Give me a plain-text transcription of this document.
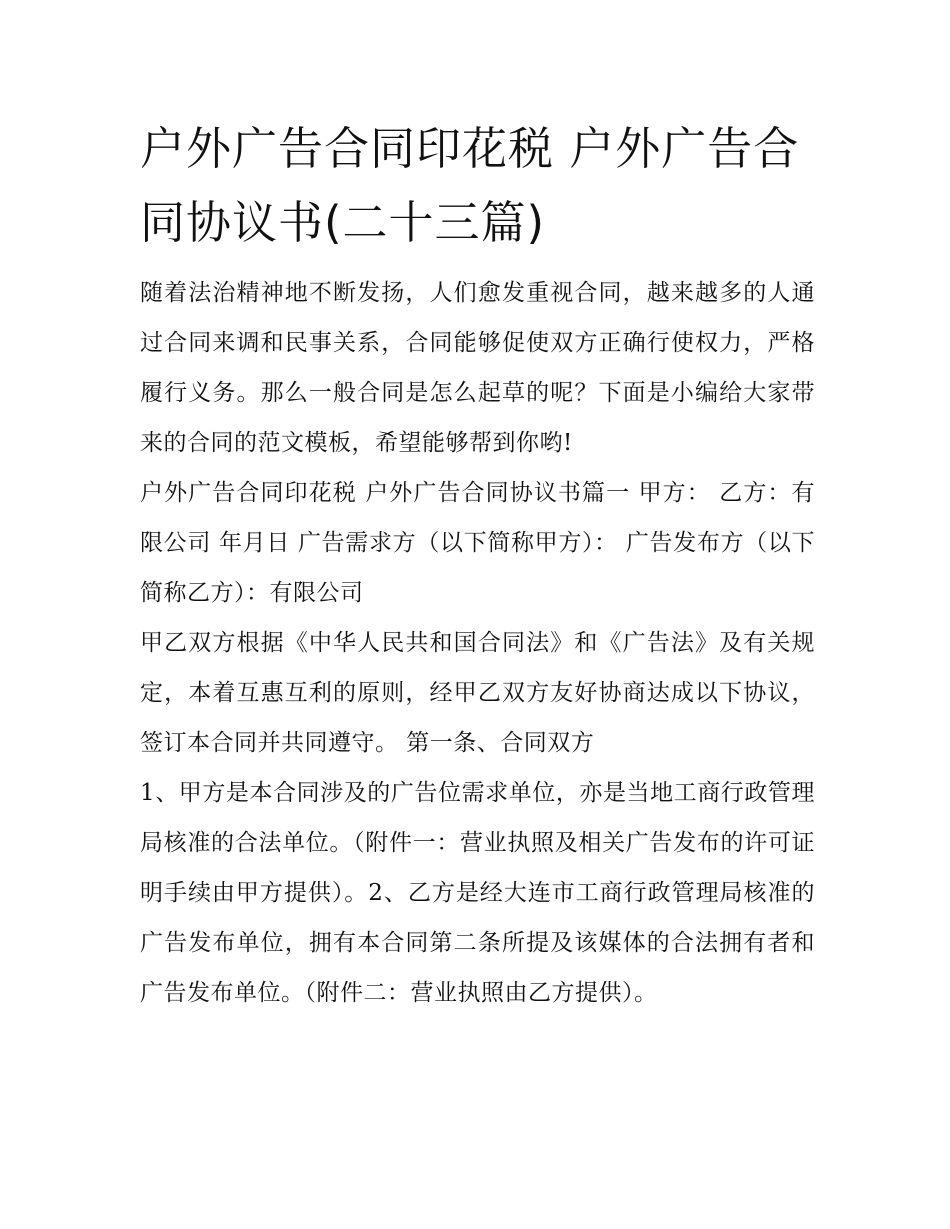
户外广告合同印花税 户外广告合同协议书(二十三篇)

随着法治精神地不断发扬，人们愈发重视合同，越来越多的人通过合同来调和民事关系，合同能够促使双方正确行使权力，严格履行义务。那么一般合同是怎么起草的呢？下面是小编给大家带来的合同的范文模板，希望能够帮到你哟!

户外广告合同印花税 户外广告合同协议书篇一 甲方： 乙方：有限公司 年月日 广告需求方（以下简称甲方）： 广告发布方（以下简称乙方）：有限公司

甲乙双方根据《中华人民共和国合同法》和《广告法》及有关规定，本着互惠互利的原则，经甲乙双方友好协商达成以下协议，签订本合同并共同遵守。 第一条、合同双方

1、甲方是本合同涉及的广告位需求单位，亦是当地工商行政管理局核准的合法单位。（附件一：营业执照及相关广告发布的许可证明手续由甲方提供）。2、乙方是经大连市工商行政管理局核准的广告发布单位，拥有本合同第二条所提及该媒体的合法拥有者和广告发布单位。（附件二：营业执照由乙方提供）。
